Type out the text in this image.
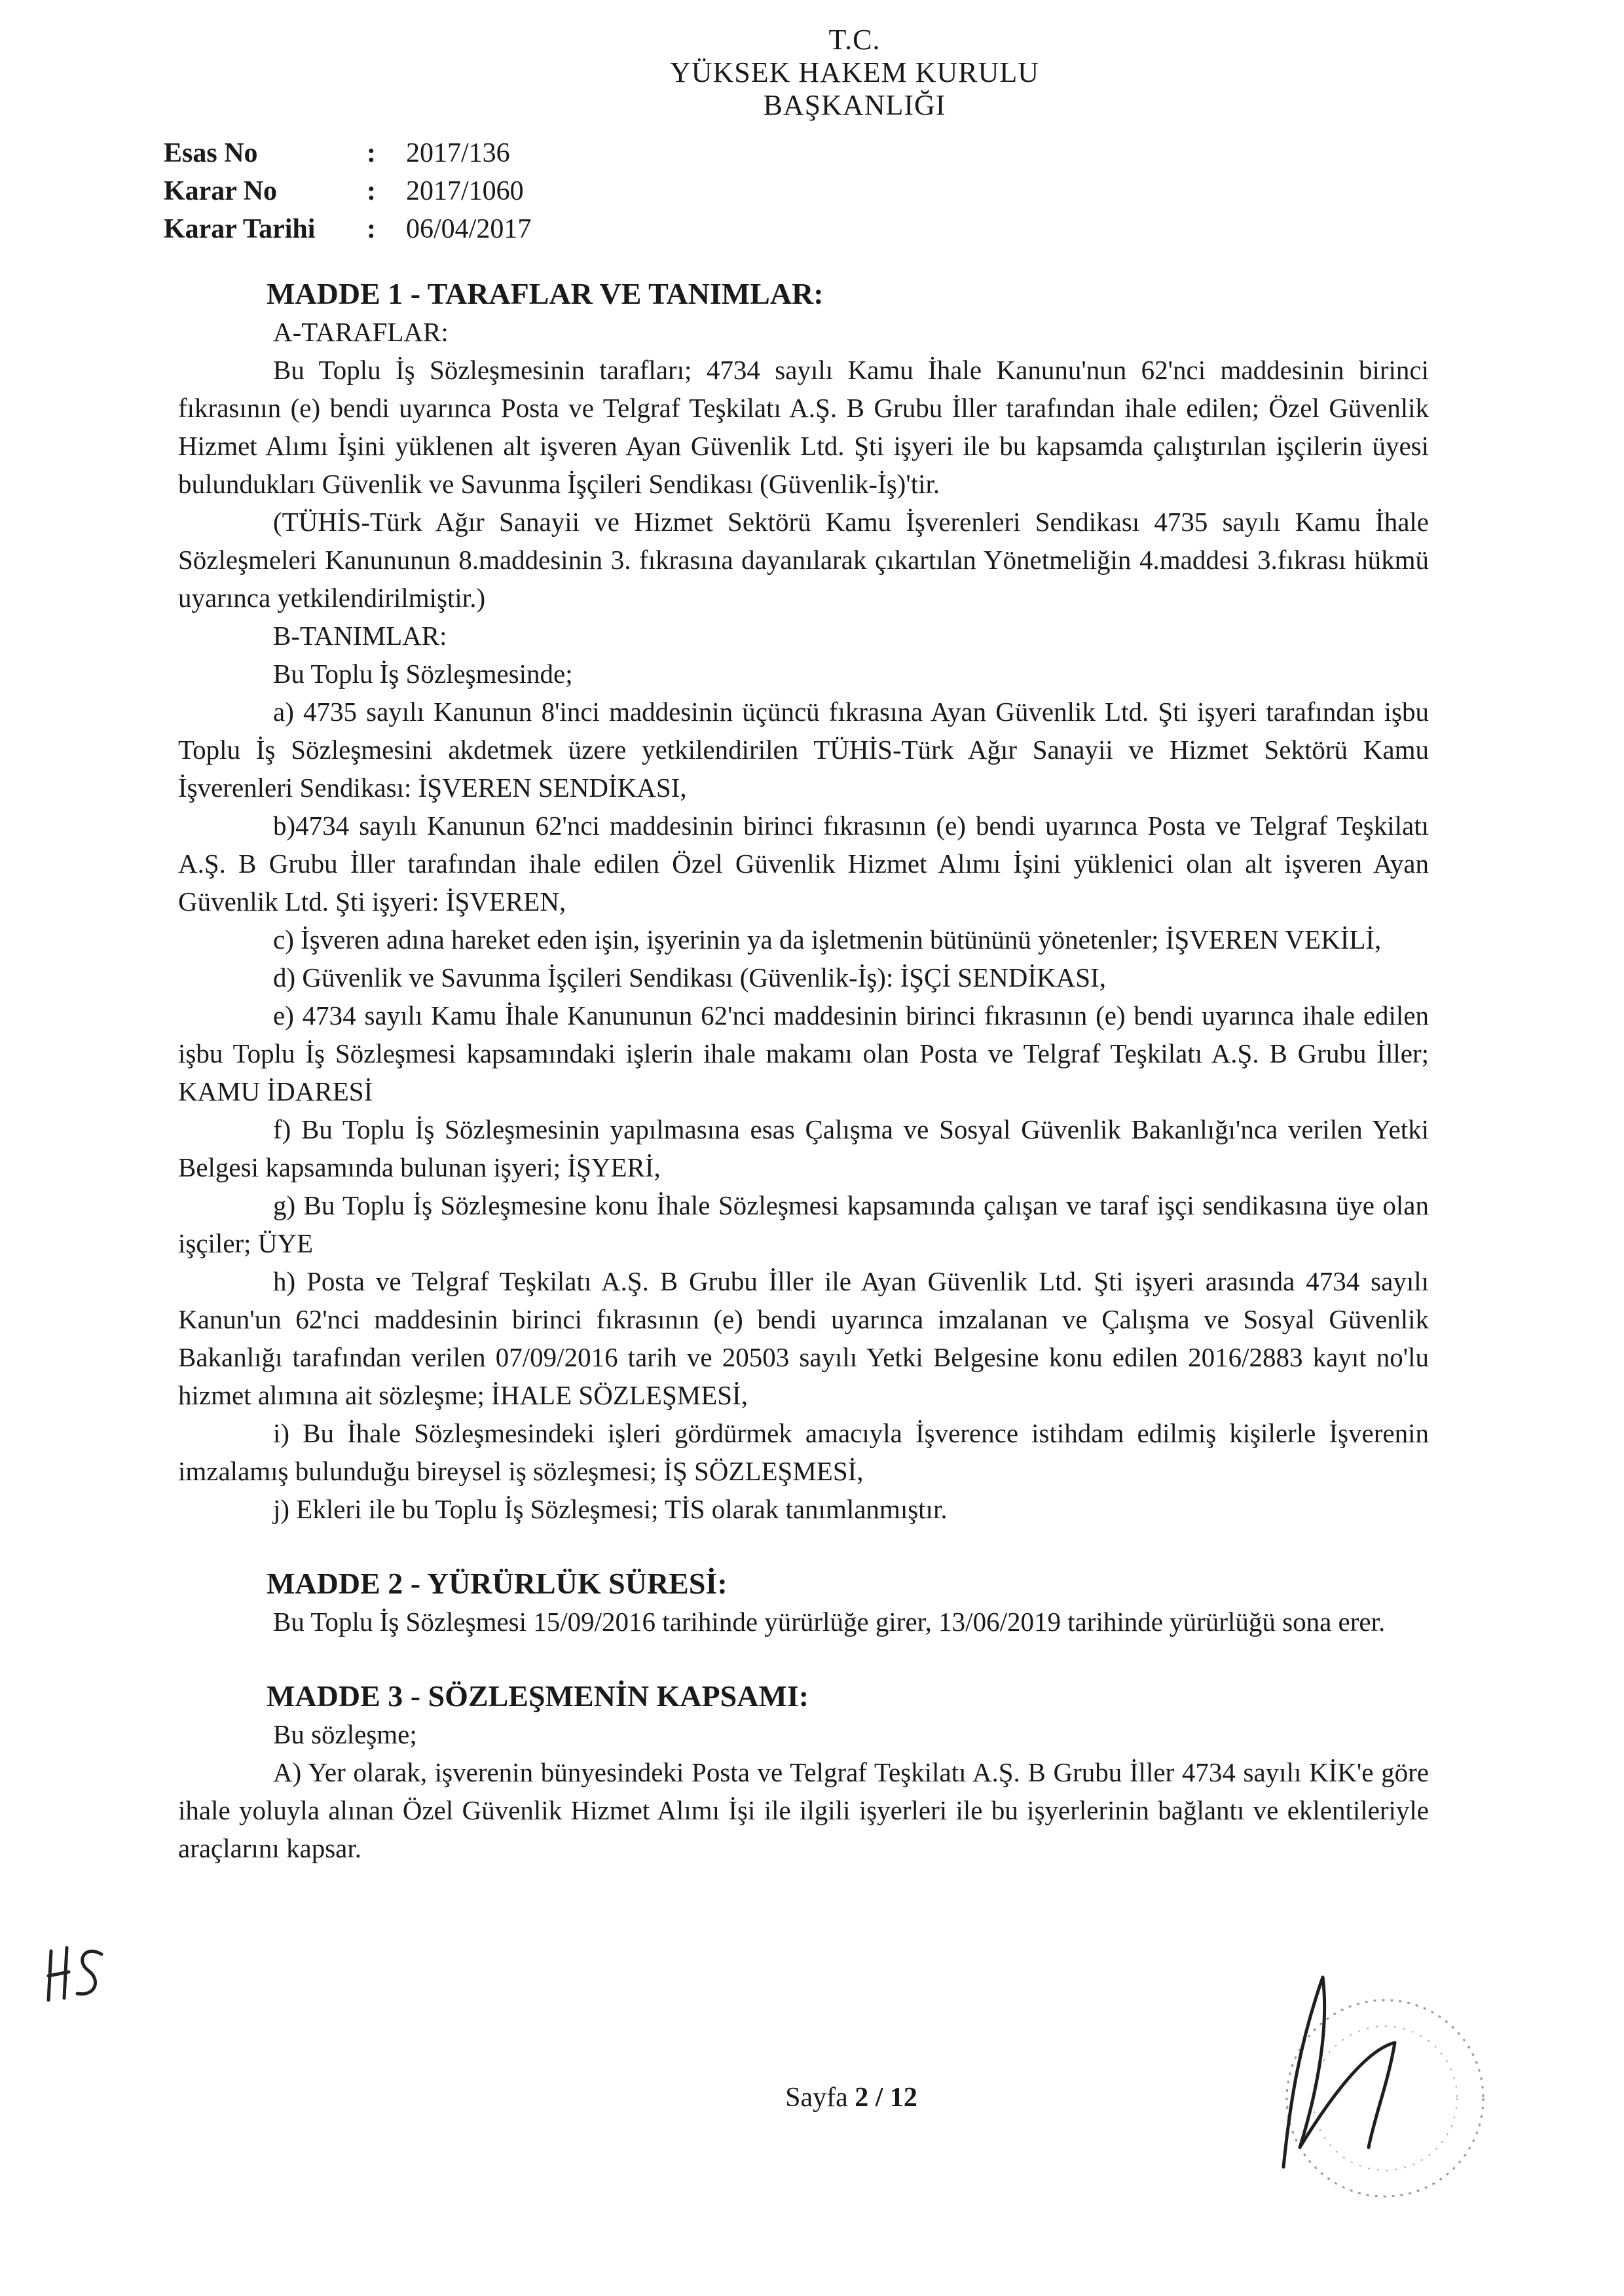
T.C.
YÜKSEK HAKEM KURULU
BAŞKANLIĞI
Esas No	:	2017/136
Karar No	:	2017/1060
Karar Tarihi	:	06/04/2017

MADDE 1 - TARAFLAR VE TANIMLAR:

A-TARAFLAR:

Bu Toplu İş Sözleşmesinin tarafları; 4734 sayılı Kamu İhale Kanunu'nun 62'nci maddesinin birinci fıkrasının (e) bendi uyarınca Posta ve Telgraf Teşkilatı A.Ş. B Grubu İller tarafından ihale edilen; Özel Güvenlik Hizmet Alımı İşini yüklenen alt işveren Ayan Güvenlik Ltd. Şti işyeri ile bu kapsamda çalıştırılan işçilerin üyesi bulundukları Güvenlik ve Savunma İşçileri Sendikası (Güvenlik-İş)'tir.

(TÜHİS-Türk Ağır Sanayii ve Hizmet Sektörü Kamu İşverenleri Sendikası 4735 sayılı Kamu İhale Sözleşmeleri Kanununun 8.maddesinin 3. fıkrasına dayanılarak çıkartılan Yönetmeliğin 4.maddesi 3.fıkrası hükmü uyarınca yetkilendirilmiştir.)

B-TANIMLAR:

Bu Toplu İş Sözleşmesinde;

a) 4735 sayılı Kanunun 8'inci maddesinin üçüncü fıkrasına Ayan Güvenlik Ltd. Şti işyeri tarafından işbu Toplu İş Sözleşmesini akdetmek üzere yetkilendirilen TÜHİS-Türk Ağır Sanayii ve Hizmet Sektörü Kamu İşverenleri Sendikası: İŞVEREN SENDİKASI,

b)4734 sayılı Kanunun 62'nci maddesinin birinci fıkrasının (e) bendi uyarınca Posta ve Telgraf Teşkilatı A.Ş. B Grubu İller tarafından ihale edilen Özel Güvenlik Hizmet Alımı İşini yüklenici olan alt işveren Ayan Güvenlik Ltd. Şti işyeri: İŞVEREN,

c) İşveren adına hareket eden işin, işyerinin ya da işletmenin bütününü yönetenler; İŞVEREN VEKİLİ,

d) Güvenlik ve Savunma İşçileri Sendikası (Güvenlik-İş): İŞÇİ SENDİKASI,

e) 4734 sayılı Kamu İhale Kanununun 62'nci maddesinin birinci fıkrasının (e) bendi uyarınca ihale edilen işbu Toplu İş Sözleşmesi kapsamındaki işlerin ihale makamı olan Posta ve Telgraf Teşkilatı A.Ş. B Grubu İller; KAMU İDARESİ

f) Bu Toplu İş Sözleşmesinin yapılmasına esas Çalışma ve Sosyal Güvenlik Bakanlığı'nca verilen Yetki Belgesi kapsamında bulunan işyeri; İŞYERİ,

g) Bu Toplu İş Sözleşmesine konu İhale Sözleşmesi kapsamında çalışan ve taraf işçi sendikasına üye olan işçiler; ÜYE

h) Posta ve Telgraf Teşkilatı A.Ş. B Grubu İller ile Ayan Güvenlik Ltd. Şti işyeri arasında 4734 sayılı Kanun'un 62'nci maddesinin birinci fıkrasının (e) bendi uyarınca imzalanan ve Çalışma ve Sosyal Güvenlik Bakanlığı tarafından verilen 07/09/2016 tarih ve 20503 sayılı Yetki Belgesine konu edilen 2016/2883 kayıt no'lu hizmet alımına ait sözleşme; İHALE SÖZLEŞMESİ,

i) Bu İhale Sözleşmesindeki işleri gördürmek amacıyla İşverence istihdam edilmiş kişilerle İşverenin imzalamış bulunduğu bireysel iş sözleşmesi; İŞ SÖZLEŞMESİ,

j) Ekleri ile bu Toplu İş Sözleşmesi; TİS olarak tanımlanmıştır.

MADDE 2 - YÜRÜRLÜK SÜRESİ:

Bu Toplu İş Sözleşmesi 15/09/2016 tarihinde yürürlüğe girer, 13/06/2019 tarihinde yürürlüğü sona erer.

MADDE 3 - SÖZLEŞMENİN KAPSAMI:

Bu sözleşme;

A) Yer olarak, işverenin bünyesindeki Posta ve Telgraf Teşkilatı A.Ş. B Grubu İller 4734 sayılı KİK'e göre ihale yoluyla alınan Özel Güvenlik Hizmet Alımı İşi ile ilgili işyerleri ile bu işyerlerinin bağlantı ve eklentileriyle araçlarını kapsar.

Sayfa 2 / 12
